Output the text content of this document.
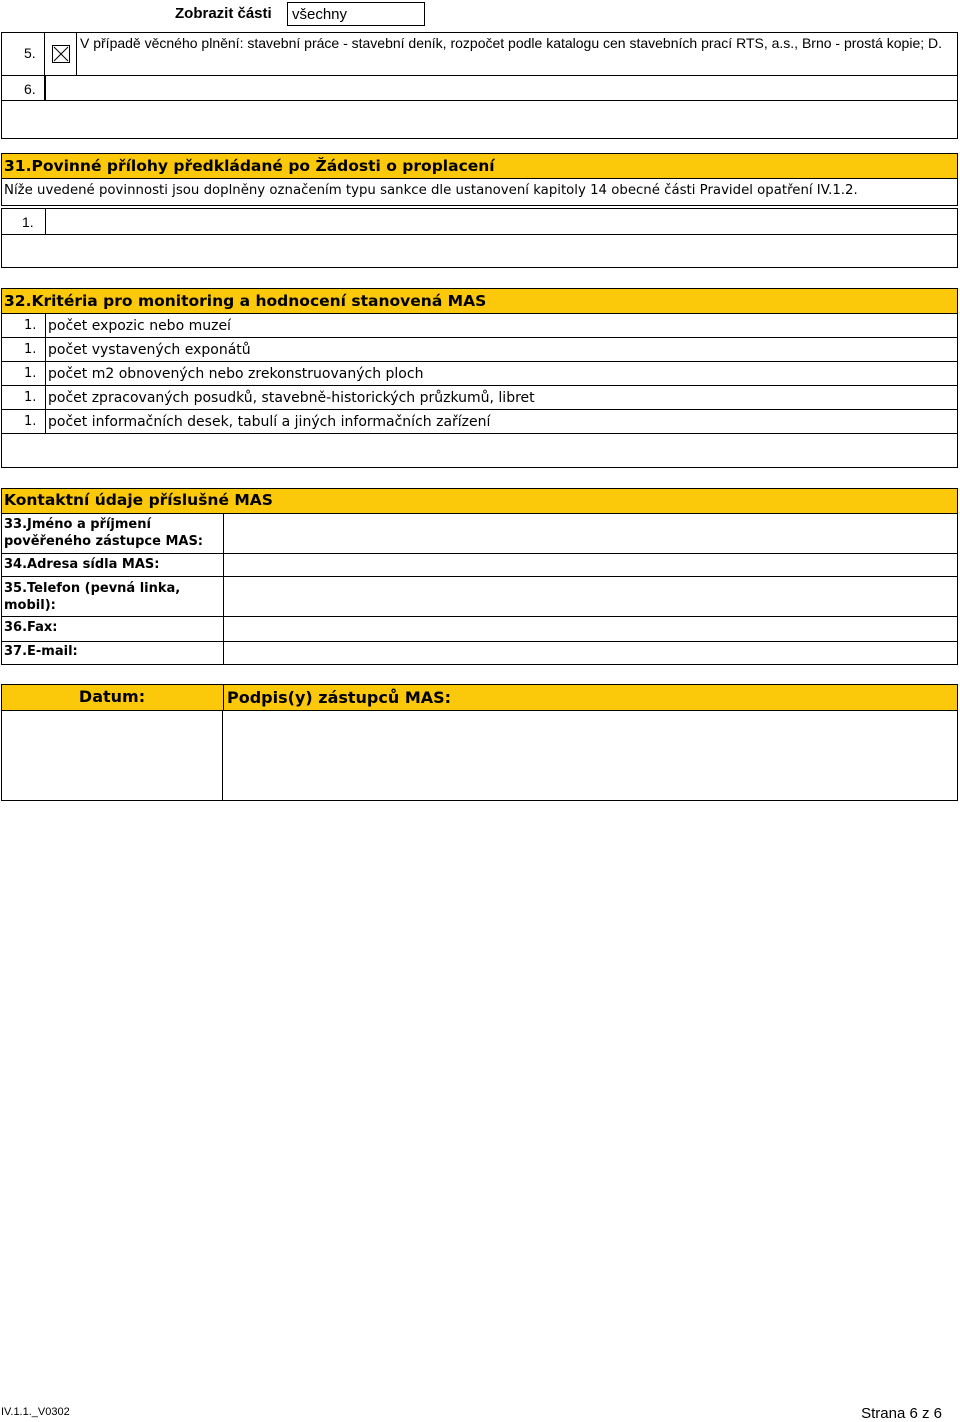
Zobrazit části	všechny
5.
V případě věcného plnění: stavební práce - stavební deník, rozpočet podle katalogu cen stavebních prací RTS, a.s., Brno - prostá kopie; D.
6.
31.Povinné přílohy předkládané po Žádosti o proplacení
Níže uvedené povinnosti jsou doplněny označením typu sankce dle ustanovení kapitoly 14 obecné části Pravidel opatření IV.1.2.
1.
32.Kritéria pro monitoring a hodnocení stanovená MAS
1. počet expozic nebo muzeí
1. počet vystavených exponátů
1. počet m2 obnovených nebo zrekonstruovaných ploch
1. počet zpracovaných posudků, stavebně-historických průzkumů, libret
1. počet informačních desek, tabulí a jiných informačních zařízení
Kontaktní údaje příslušné MAS
33.Jméno a příjmení pověřeného zástupce MAS:
34.Adresa sídla MAS:
35.Telefon (pevná linka, mobil):
36.Fax:
37.E-mail:
Datum:	Podpis(y) zástupců MAS:
IV.1.1._V0302	Strana 6 z 6
